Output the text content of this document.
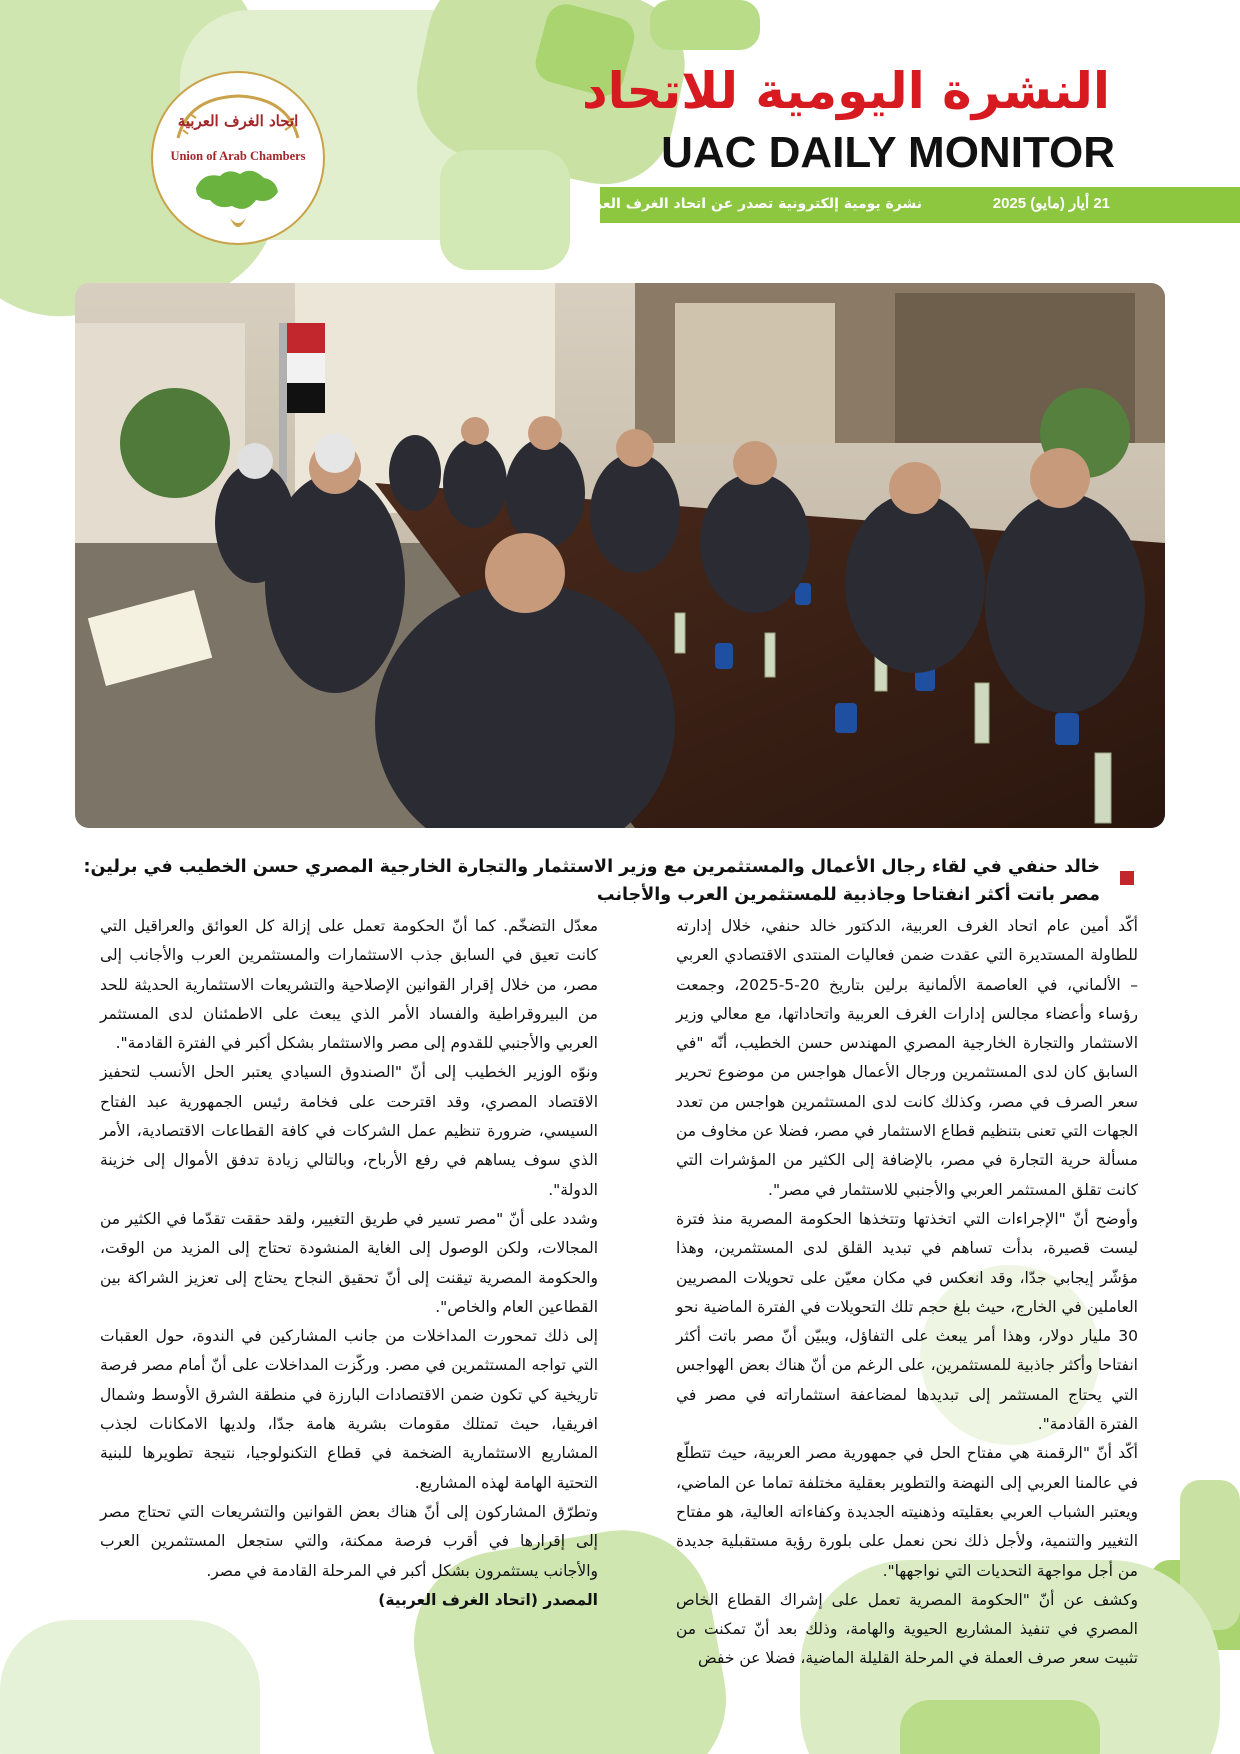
اتحاد الغرف العربية
Union of Arab Chambers
النشرة اليومية للاتحاد
UAC DAILY MONITOR
21 أيار (مايو) 2025
نشرة يومية إلكترونية تصدر عن اتحاد الغرف العربية
خالد حنفي في لقاء رجال الأعمال والمستثمرين مع وزير الاستثمار والتجارة الخارجية المصري حسن الخطيب في برلين: مصر باتت أكثر انفتاحا وجاذبية للمستثمرين العرب والأجانب

أكّد أمين عام اتحاد الغرف العربية، الدكتور خالد حنفي، خلال إدارته للطاولة المستديرة التي عقدت ضمن فعاليات المنتدى الاقتصادي العربي – الألماني، في العاصمة الألمانية برلين بتاريخ 20-5-2025، وجمعت رؤساء وأعضاء مجالس إدارات الغرف العربية واتحاداتها، مع معالي وزير الاستثمار والتجارة الخارجية المصري المهندس حسن الخطيب، أنّه "في السابق كان لدى المستثمرين ورجال الأعمال هواجس من موضوع تحرير سعر الصرف في مصر، وكذلك كانت لدى المستثمرين هواجس من تعدد الجهات التي تعنى بتنظيم قطاع الاستثمار في مصر، فضلا عن مخاوف من مسألة حرية التجارة في مصر، بالإضافة إلى الكثير من المؤشرات التي كانت تقلق المستثمر العربي والأجنبي للاستثمار في مصر".

وأوضح أنّ "الإجراءات التي اتخذتها وتتخذها الحكومة المصرية منذ فترة ليست قصيرة، بدأت تساهم في تبديد القلق لدى المستثمرين، وهذا مؤشّر إيجابي جدّا، وقد انعكس في مكان معيّن على تحويلات المصريين العاملين في الخارج، حيث بلغ حجم تلك التحويلات في الفترة الماضية نحو 30 مليار دولار، وهذا أمر يبعث على التفاؤل، ويبيّن أنّ مصر باتت أكثر انفتاحا وأكثر جاذبية للمستثمرين، على الرغم من أنّ هناك بعض الهواجس التي يحتاج المستثمر إلى تبديدها لمضاعفة استثماراته في مصر في الفترة القادمة".

أكّد أنّ "الرقمنة هي مفتاح الحل في جمهورية مصر العربية، حيث تتطلّع في عالمنا العربي إلى النهضة والتطوير بعقلية مختلفة تماما عن الماضي، ويعتبر الشباب العربي بعقليته وذهنيته الجديدة وكفاءاته العالية، هو مفتاح التغيير والتنمية، ولأجل ذلك نحن نعمل على بلورة رؤية مستقبلية جديدة من أجل مواجهة التحديات التي نواجهها".

وكشف عن أنّ "الحكومة المصرية تعمل على إشراك القطاع الخاص المصري في تنفيذ المشاريع الحيوية والهامة، وذلك بعد أنّ تمكنت من تثبيت سعر صرف العملة في المرحلة القليلة الماضية، فضلا عن خفض

معدّل التضخّم. كما أنّ الحكومة تعمل على إزالة كل العوائق والعراقيل التي كانت تعيق في السابق جذب الاستثمارات والمستثمرين العرب والأجانب إلى مصر، من خلال إقرار القوانين الإصلاحية والتشريعات الاستثمارية الحديثة للحد من البيروقراطية والفساد الأمر الذي يبعث على الاطمئنان لدى المستثمر العربي والأجنبي للقدوم إلى مصر والاستثمار بشكل أكبر في الفترة القادمة".

ونوّه الوزير الخطيب إلى أنّ "الصندوق السيادي يعتبر الحل الأنسب لتحفيز الاقتصاد المصري، وقد اقترحت على فخامة رئيس الجمهورية عبد الفتاح السيسي، ضرورة تنظيم عمل الشركات في كافة القطاعات الاقتصادية، الأمر الذي سوف يساهم في رفع الأرباح، وبالتالي زيادة تدفق الأموال إلى خزينة الدولة".

وشدد على أنّ "مصر تسير في طريق التغيير، ولقد حققت تقدّما في الكثير من المجالات، ولكن الوصول إلى الغاية المنشودة تحتاج إلى المزيد من الوقت، والحكومة المصرية تيقنت إلى أنّ تحقيق النجاح يحتاج إلى تعزيز الشراكة بين القطاعين العام والخاص".

إلى ذلك تمحورت المداخلات من جانب المشاركين في الندوة، حول العقبات التي تواجه المستثمرين في مصر. وركّزت المداخلات على أنّ أمام مصر فرصة تاريخية كي تكون ضمن الاقتصادات البارزة في منطقة الشرق الأوسط وشمال افريقيا، حيث تمتلك مقومات بشرية هامة جدّا، ولديها الامكانات لجذب المشاريع الاستثمارية الضخمة في قطاع التكنولوجيا، نتيجة تطويرها للبنية التحتية الهامة لهذه المشاريع.

وتطرّق المشاركون إلى أنّ هناك بعض القوانين والتشريعات التي تحتاج مصر إلى إقرارها في أقرب فرصة ممكنة، والتي ستجعل المستثمرين العرب والأجانب يستثمرون بشكل أكبر في المرحلة القادمة في مصر.

المصدر (اتحاد الغرف العربية)
